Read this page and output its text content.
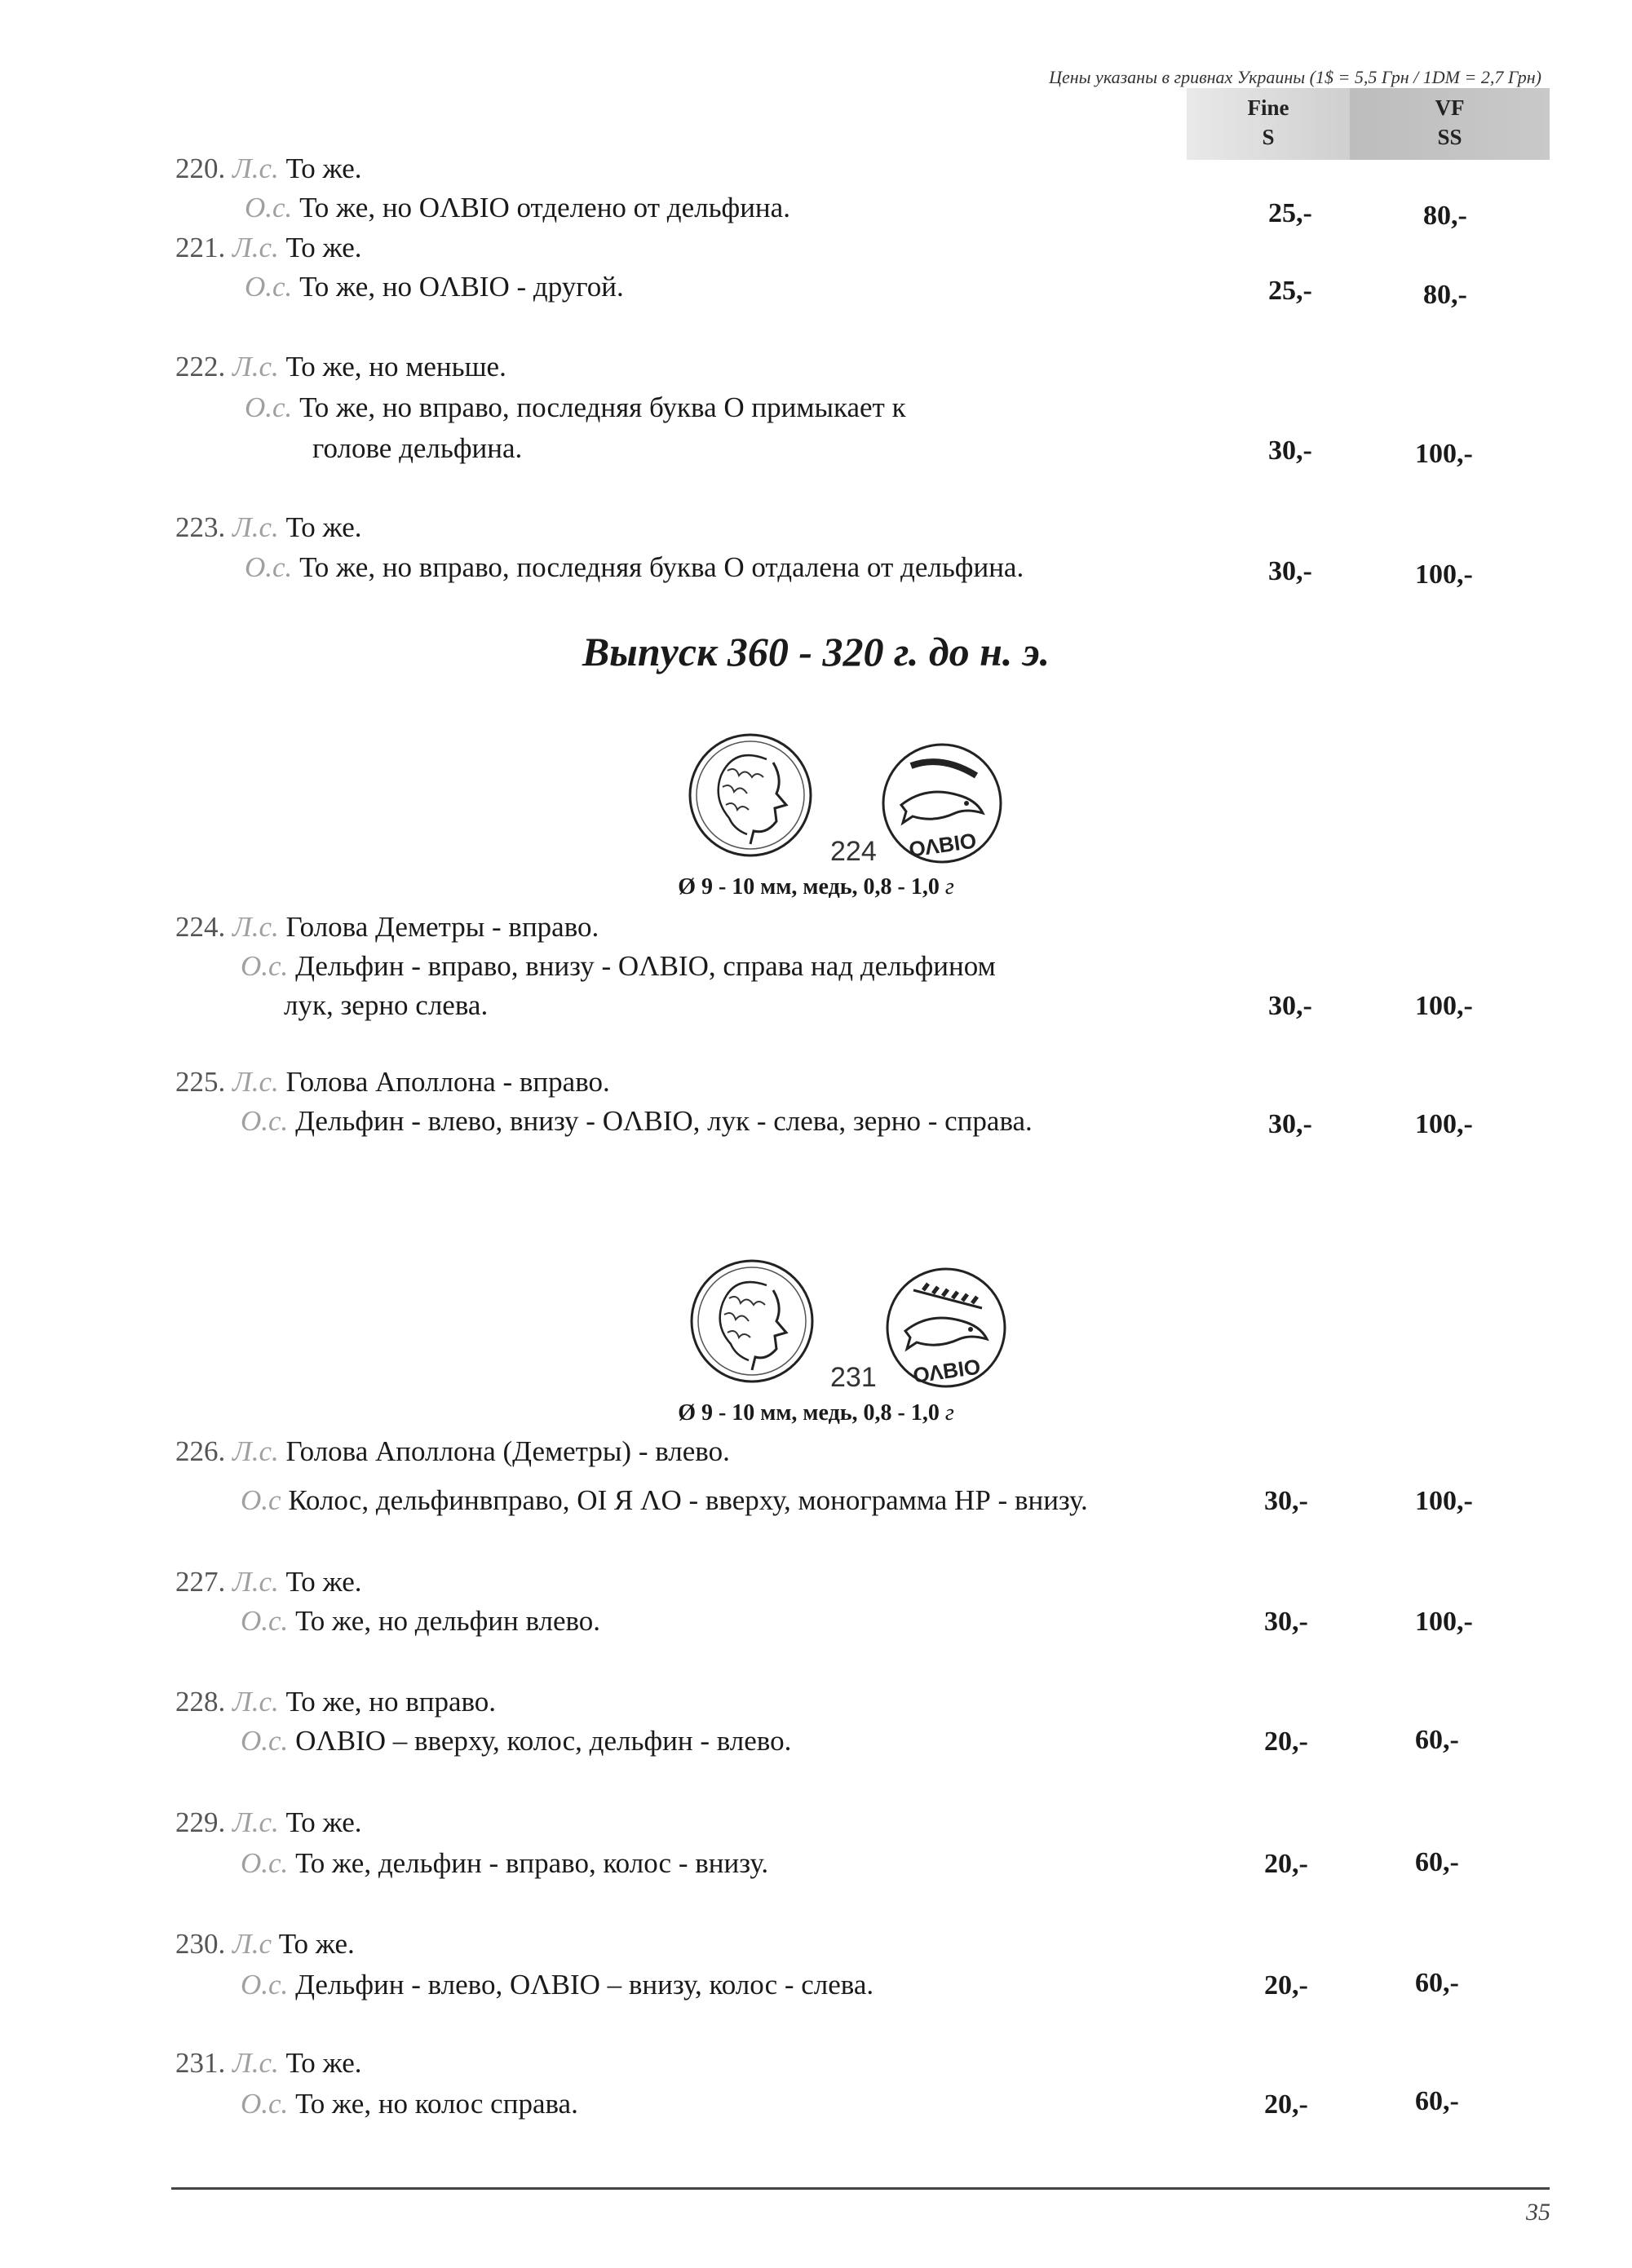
Цены указаны в гривнах Украины (1$ = 5,5 Грн / 1DM = 2,7 Грн)
Fine
S
VF
SS
220. Л.с. То же.
О.с. То же, но ОΛBIO отделено от дельфина.	25,-	80,-
221. Л.с. То же.
О.с. То же, но ОΛBIO - другой.	25,-	80,-
222. Л.с. То же, но меньше.
О.с. То же, но вправо, последняя буква О примыкает к
голове дельфина.	30,-	100,-
223. Л.с. То же.
О.с. То же, но вправо, последняя буква О отдалена от дельфина.	30,-	100,-
Выпуск 360 - 320 г. до н. э.
ΟΛΒΙΟ
224
Ø 9 - 10 мм, медь, 0,8 - 1,0 г
224. Л.с. Голова Деметры - вправо.
О.с. Дельфин - вправо, внизу - ОΛBIO, справа над дельфином
лук, зерно слева.	30,-	100,-
225. Л.с. Голова Аполлона - вправо.
О.с. Дельфин - влево, внизу - ОΛBIO, лук - слева, зерно - справа.	30,-	100,-
ΟΛΒΙΟ
231
Ø 9 - 10 мм, медь, 0,8 - 1,0 г
226. Л.с. Голова Аполлона (Деметры) - влево.
О.с Колос, дельфинвправо, ОΙ Я ΛО - вверху, монограмма ΗΡ - внизу.	30,-	100,-
227. Л.с. То же.
О.с. То же, но дельфин влево.	30,-	100,-
228. Л.с. То же, но вправо.
О.с. ОΛBIO – вверху, колос, дельфин - влево.	20,-	60,-
229. Л.с. То же.
О.с. То же, дельфин - вправо, колос - внизу.	20,-	60,-
230. Л.с То же.
О.с. Дельфин - влево, ОΛBIO – внизу, колос - слева.	20,-	60,-
231. Л.с. То же.
О.с. То же, но колос справа.	20,-	60,-
35
